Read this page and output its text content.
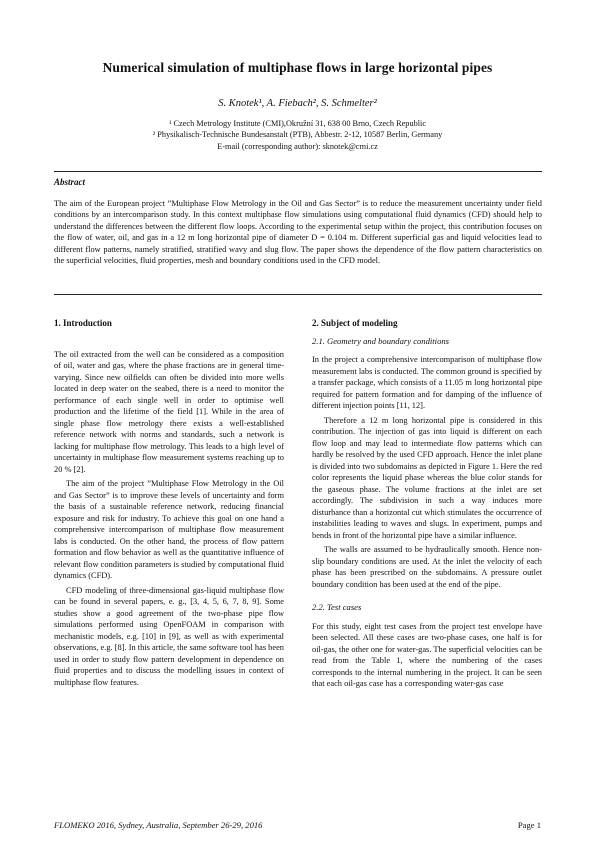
Numerical simulation of multiphase flows in large horizontal pipes
S. Knotek¹, A. Fiebach², S. Schmelter²
¹ Czech Metrology Institute (CMI),Okružní 31, 638 00 Brno, Czech Republic
² Physikalisch-Technische Bundesanstalt (PTB), Abbestr. 2-12, 10587 Berlin, Germany
E-mail (corresponding author): sknotek@cmi.cz
Abstract
The aim of the European project ”Multiphase Flow Metrology in the Oil and Gas Sector” is to reduce the measurement uncertainty under field conditions by an intercomparison study. In this context multiphase flow simulations using computational fluid dynamics (CFD) should help to understand the differences between the different flow loops. According to the experimental setup within the project, this contribution focuses on the flow of water, oil, and gas in a 12 m long horizontal pipe of diameter D = 0.104 m. Different superficial gas and liquid velocities lead to different flow patterns, namely stratified, stratified wavy and slug flow. The paper shows the dependence of the flow pattern characteristics on the superficial velocities, fluid properties, mesh and boundary conditions used in the CFD model.

1. Introduction

The oil extracted from the well can be considered as a composition of oil, water and gas, where the phase fractions are in general time-varying. Since new oilfields can often be divided into more wells located in deep water on the seabed, there is a need to monitor the performance of each single well in order to optimise well production and the lifetime of the field [1]. While in the area of single phase flow metrology there exists a well-established reference network with norms and standards, such a network is lacking for multiphase flow metrology. This leads to a high level of uncertainty in multiphase flow measurement systems reaching up to 20 % [2].

The aim of the project ”Multiphase Flow Metrology in the Oil and Gas Sector” is to improve these levels of uncertainty and form the basis of a sustainable reference network, reducing financial exposure and risk for industry. To achieve this goal on one hand a comprehensive intercomparison of multiphase flow measurement labs is conducted. On the other hand, the process of flow pattern formation and flow behavior as well as the quantitative influence of relevant flow condition parameters is studied by computational fluid dynamics (CFD).

CFD modeling of three-dimensional gas-liquid multiphase flow can be found in several papers, e. g., [3, 4, 5, 6, 7, 8, 9]. Some studies show a good agreement of the two-phase pipe flow simulations performed using OpenFOAM in comparison with mechanistic models, e.g. [10] in [9], as well as with experimental observations, e.g. [8]. In this article, the same software tool has been used in order to study flow pattern development in dependence on fluid properties and to discuss the modelling issues in context of multiphase flow features.

2. Subject of modeling

2.1. Geometry and boundary conditions

In the project a comprehensive intercomparison of multiphase flow measurement labs is conducted. The common ground is specified by a transfer package, which consists of a 11.05 m long horizontal pipe required for pattern formation and for damping of the influence of different injection points [11, 12].

Therefore a 12 m long horizontal pipe is considered in this contribution. The injection of gas into liquid is different on each flow loop and may lead to intermediate flow patterns which can hardly be resolved by the used CFD approach. Hence the inlet plane is divided into two subdomains as depicted in Figure 1. Here the red color represents the liquid phase whereas the blue color stands for the gaseous phase. The volume fractions at the inlet are set accordingly. The subdivision in such a way induces more disturbance than a horizontal cut which stimulates the occurrence of instabilities leading to waves and slugs. In experiment, pumps and bends in front of the horizontal pipe have a similar influence.

The walls are assumed to be hydraulically smooth. Hence non-slip boundary conditions are used. At the inlet the velocity of each phase has been prescribed on the subdomains. A pressure outlet boundary condition has been used at the end of the pipe.

2.2. Test cases

For this study, eight test cases from the project test envelope have been selected. All these cases are two-phase cases, one half is for oil-gas, the other one for water-gas. The superficial velocities can be read from the Table 1, where the numbering of the cases corresponds to the internal numbering in the project. It can be seen that each oil-gas case has a corresponding water-gas case

FLOMEKO 2016, Sydney, Australia, September 26-29, 2016	Page 1
